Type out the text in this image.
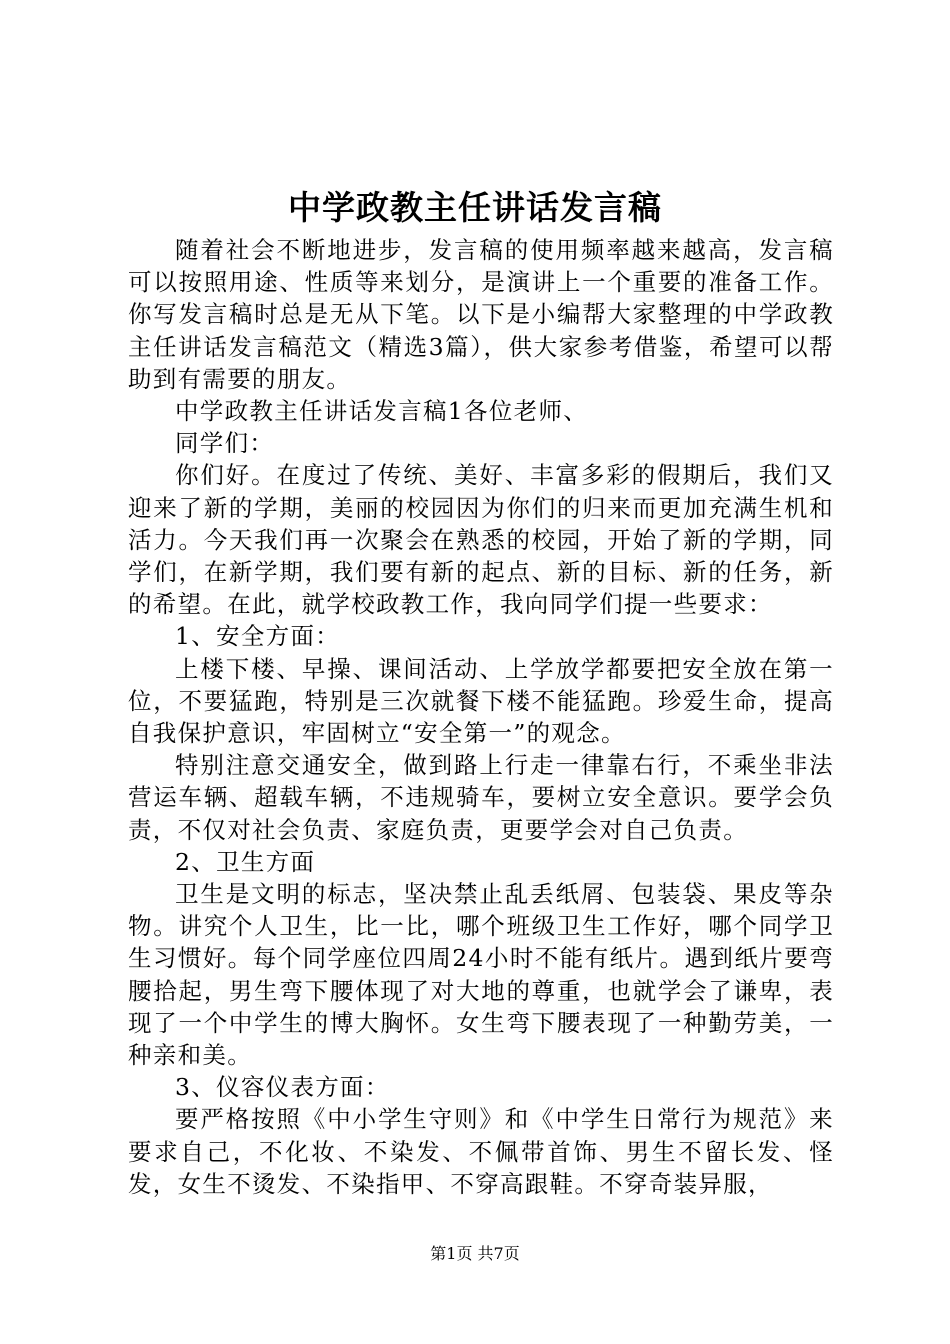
中学政教主任讲话发言稿

随着社会不断地进步，发言稿的使用频率越来越高，发言稿可以按照用途、性质等来划分，是演讲上一个重要的准备工作。你写发言稿时总是无从下笔。以下是小编帮大家整理的中学政教主任讲话发言稿范文（精选3篇），供大家参考借鉴，希望可以帮助到有需要的朋友。

中学政教主任讲话发言稿1各位老师、

同学们：

你们好。在度过了传统、美好、丰富多彩的假期后，我们又迎来了新的学期，美丽的校园因为你们的归来而更加充满生机和活力。今天我们再一次聚会在熟悉的校园，开始了新的学期，同学们，在新学期，我们要有新的起点、新的目标、新的任务，新的希望。在此，就学校政教工作，我向同学们提一些要求：

1、安全方面：

上楼下楼、早操、课间活动、上学放学都要把安全放在第一位，不要猛跑，特别是三次就餐下楼不能猛跑。珍爱生命，提高自我保护意识，牢固树立“安全第一”的观念。

特别注意交通安全，做到路上行走一律靠右行，不乘坐非法营运车辆、超载车辆，不违规骑车，要树立安全意识。要学会负责，不仅对社会负责、家庭负责，更要学会对自己负责。

2、卫生方面

卫生是文明的标志，坚决禁止乱丢纸屑、包装袋、果皮等杂物。讲究个人卫生，比一比，哪个班级卫生工作好，哪个同学卫生习惯好。每个同学座位四周24小时不能有纸片。遇到纸片要弯腰拾起，男生弯下腰体现了对大地的尊重，也就学会了谦卑，表现了一个中学生的博大胸怀。女生弯下腰表现了一种勤劳美，一种亲和美。

3、仪容仪表方面：

要严格按照《中小学生守则》和《中学生日常行为规范》来要求自己，不化妆、不染发、不佩带首饰、男生不留长发、怪发，女生不烫发、不染指甲、不穿高跟鞋。不穿奇装异服，

第1页 共7页
